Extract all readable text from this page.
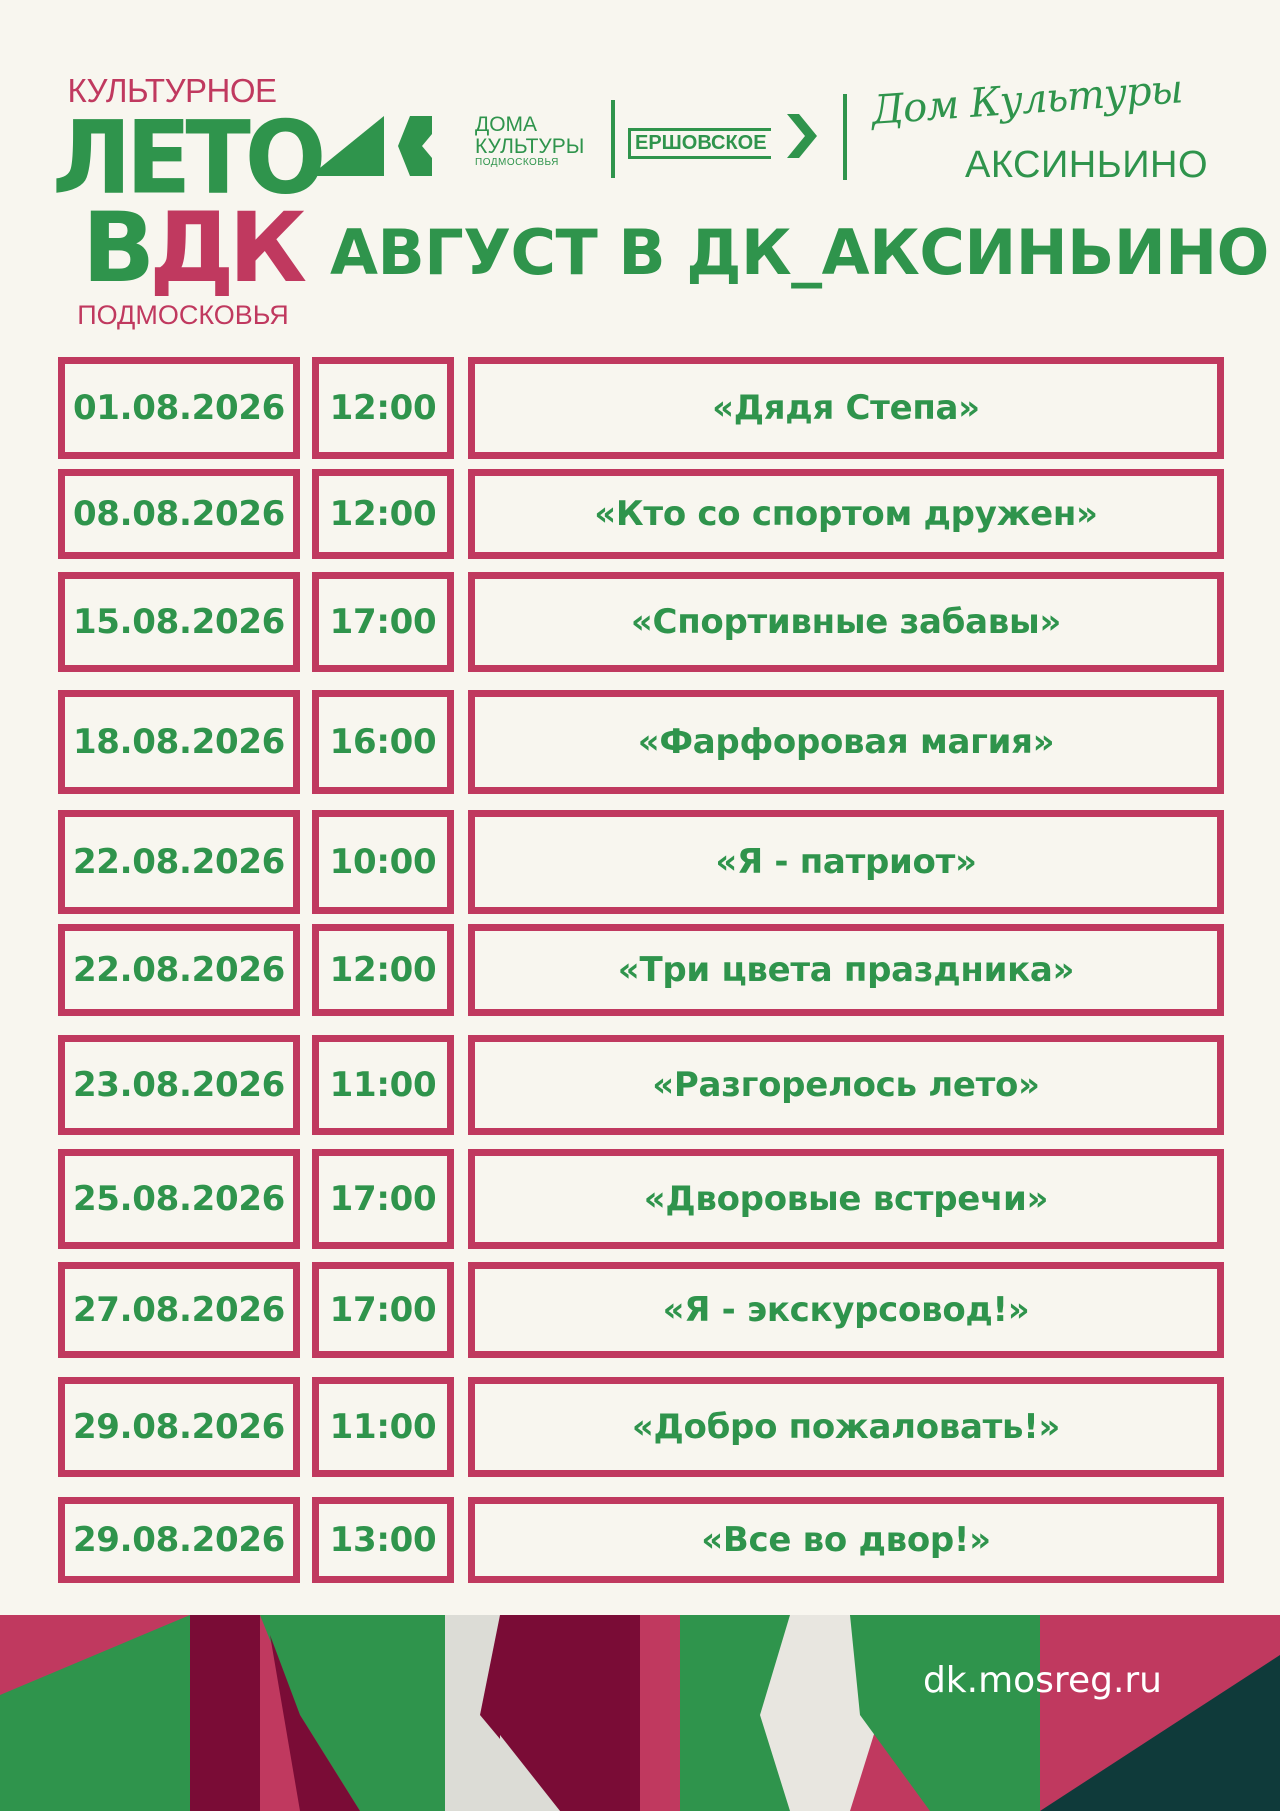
КУЛЬТУРНОЕ
ЛЕТО
ВДК
ПОДМОСКОВЬЯ
ДОМА
КУЛЬТУРЫ
ПОДМОСКОВЬЯ
ЕРШОВСКОЕ
Дом Культуры
АКСИНЬИНО
АВГУСТ В ДК_АКСИНЬИНО
01.08.2026	12:00	«Дядя Степа»
08.08.2026	12:00	«Кто со спортом дружен»
15.08.2026	17:00	«Спортивные забавы»
18.08.2026	16:00	«Фарфоровая магия»
22.08.2026	10:00	«Я - патриот»
22.08.2026	12:00	«Три цвета праздника»
23.08.2026	11:00	«Разгорелось лето»
25.08.2026	17:00	«Дворовые встречи»
27.08.2026	17:00	«Я - экскурсовод!»
29.08.2026	11:00	«Добро пожаловать!»
29.08.2026	13:00	«Все во двор!»

dk.mosreg.ru
